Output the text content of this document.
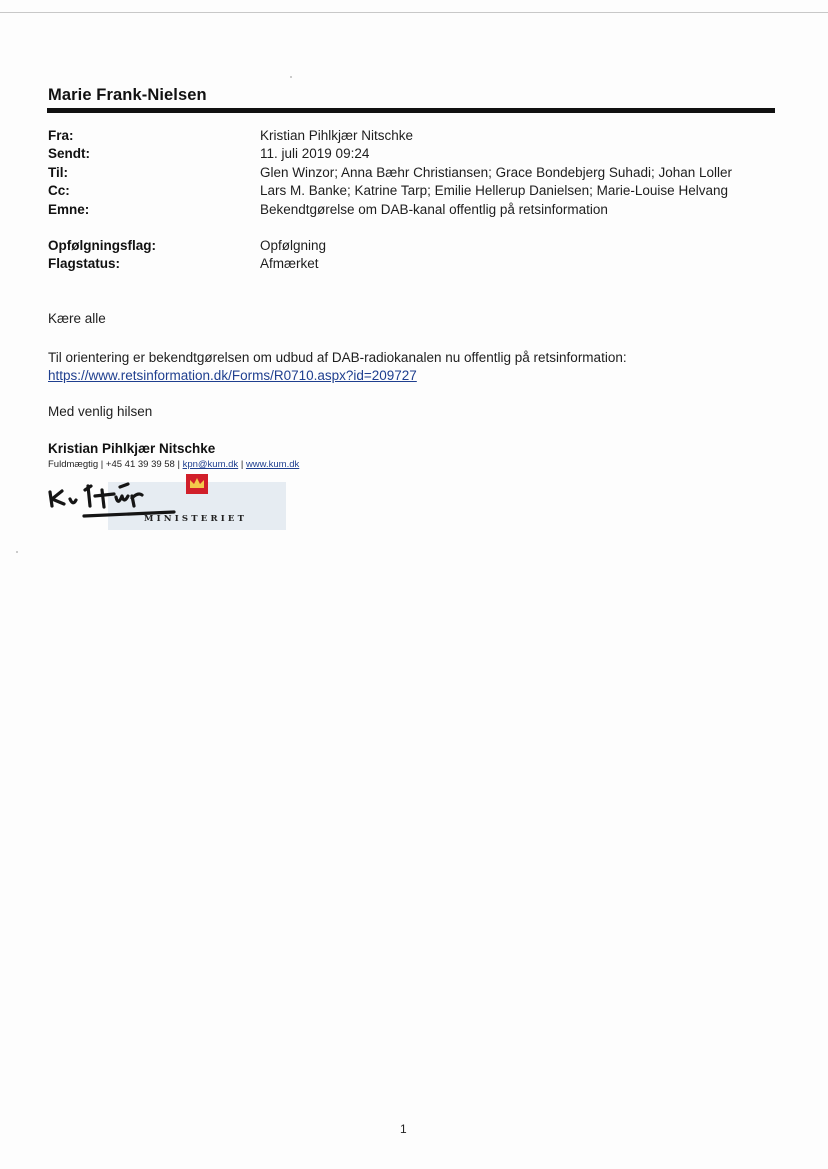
Marie Frank-Nielsen
Fra:	Kristian Pihlkjær Nitschke
Sendt:	11. juli 2019 09:24
Til:	Glen Winzor; Anna Bæhr Christiansen; Grace Bondebjerg Suhadi; Johan Loller
Cc:	Lars M. Banke; Katrine Tarp; Emilie Hellerup Danielsen; Marie-Louise Helvang
Emne:	Bekendtgørelse om DAB-kanal offentlig på retsinformation
Opfølgningsflag:	Opfølgning
Flagstatus:	Afmærket
Kære alle
Til orientering er bekendtgørelsen om udbud af DAB-radiokanalen nu offentlig på retsinformation:
https://www.retsinformation.dk/Forms/R0710.aspx?id=209727
Med venlig hilsen
Kristian Pihlkjær Nitschke
Fuldmægtig | +45 41 39 39 58 | kpn@kum.dk | www.kum.dk
MINISTERIET
1
